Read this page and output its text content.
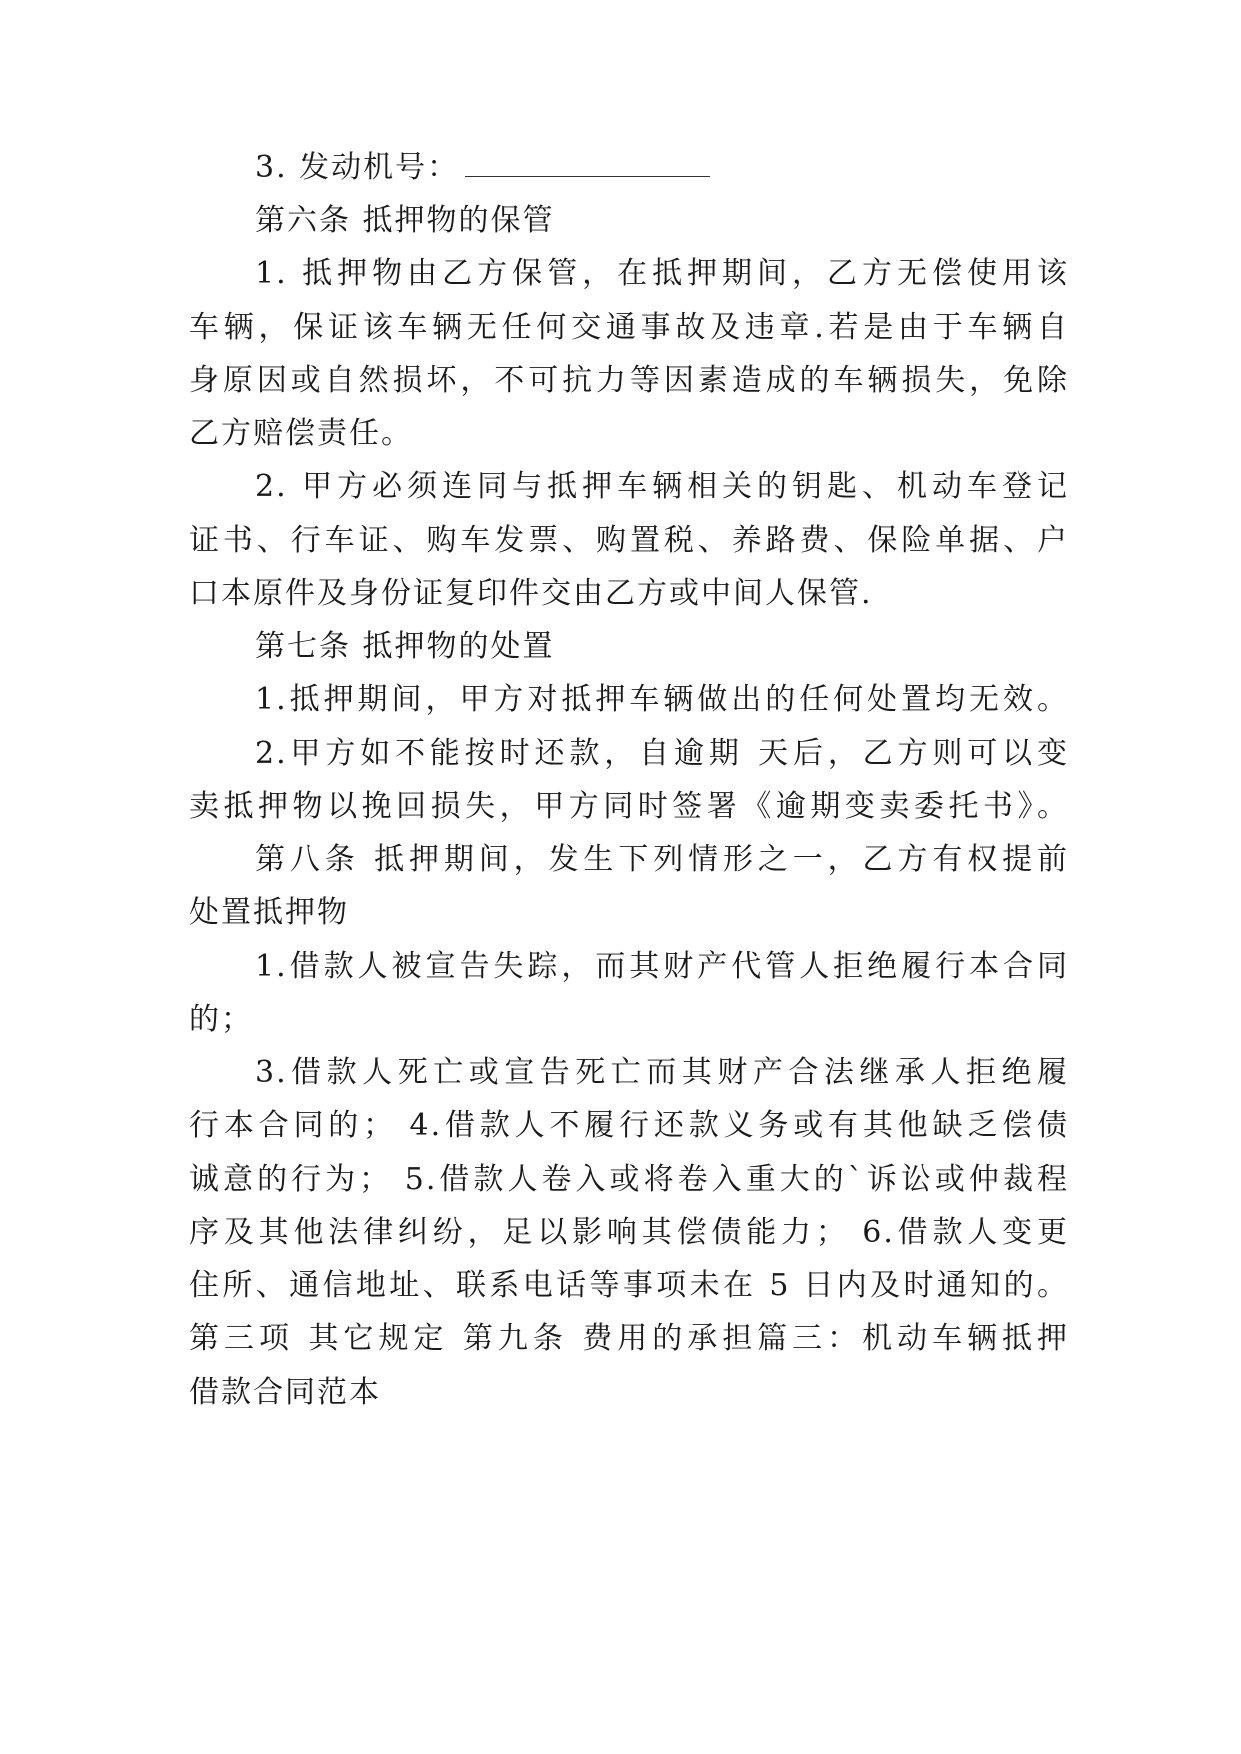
3. 发动机号：
第六条 抵押物的保管
1. 抵押物由乙方保管，在抵押期间，乙方无偿使用该
车辆，保证该车辆无任何交通事故及违章.若是由于车辆自
身原因或自然损坏，不可抗力等因素造成的车辆损失，免除
乙方赔偿责任。
2. 甲方必须连同与抵押车辆相关的钥匙、机动车登记
证书、行车证、购车发票、购置税、养路费、保险单据、户
口本原件及身份证复印件交由乙方或中间人保管.
第七条 抵押物的处置
1.抵押期间，甲方对抵押车辆做出的任何处置均无效。
2.甲方如不能按时还款，自逾期 天后，乙方则可以变
卖抵押物以挽回损失，甲方同时签署《逾期变卖委托书》。
第八条 抵押期间，发生下列情形之一，乙方有权提前
处置抵押物
1.借款人被宣告失踪，而其财产代管人拒绝履行本合同
的；
3.借款人死亡或宣告死亡而其财产合法继承人拒绝履
行本合同的； 4.借款人不履行还款义务或有其他缺乏偿债
诚意的行为； 5.借款人卷入或将卷入重大的`诉讼或仲裁程
序及其他法律纠纷，足以影响其偿债能力； 6.借款人变更
住所、通信地址、联系电话等事项未在 5 日内及时通知的。
第三项 其它规定 第九条 费用的承担篇三：机动车辆抵押
借款合同范本
